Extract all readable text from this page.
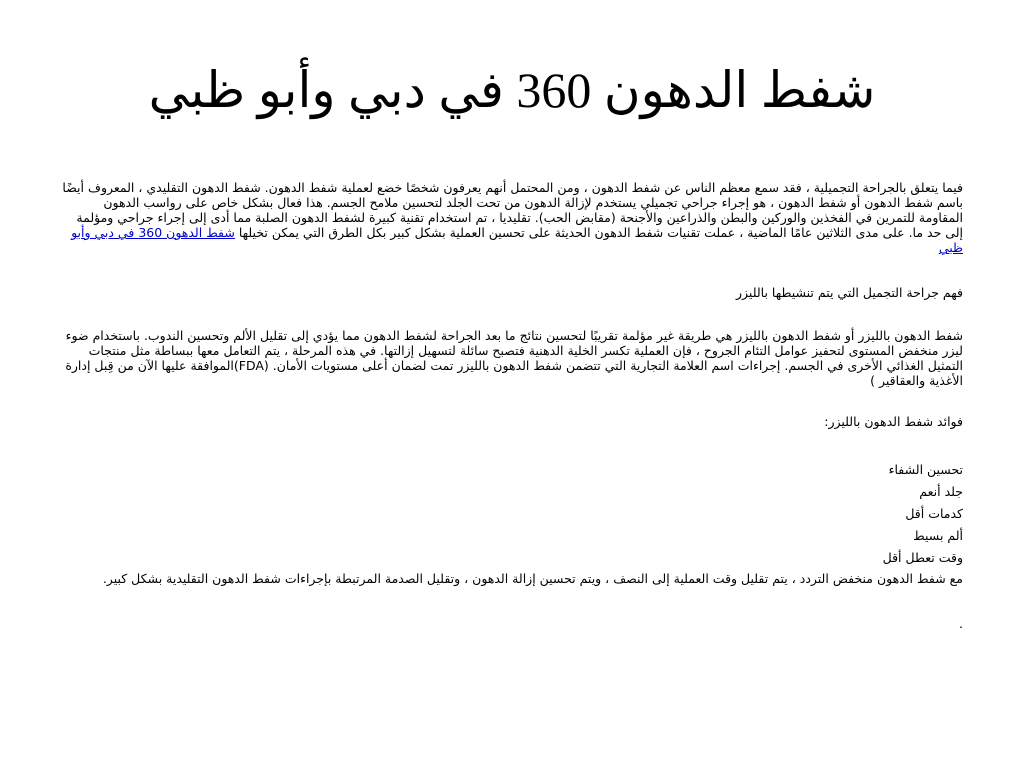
شفط الدهون 360 في دبي وأبو ظبي

فيما يتعلق بالجراحة التجميلية ، فقد سمع معظم الناس عن شفط الدهون ، ومن المحتمل أنهم يعرفون شخصًا خضع لعملية شفط الدهون. شفط الدهون التقليدي ، المعروف أيضًا باسم شفط الدهون أو شفط الدهون ، هو إجراء جراحي تجميلي يستخدم لإزالة الدهون من تحت الجلد لتحسين ملامح الجسم. هذا فعال بشكل خاص على رواسب الدهون المقاومة للتمرين في الفخذين والوركين والبطن والذراعين والأجنحة (مقابض الحب). تقليديا ، تم استخدام تقنية كبيرة لشفط الدهون الصلبة مما أدى إلى إجراء جراحي ومؤلمة إلى حد ما. على مدى الثلاثين عامًا الماضية ، عملت تقنيات شفط الدهون الحديثة على تحسين العملية بشكل كبير بكل الطرق التي يمكن تخيلها شفط الدهون 360 في دبي وأبو ظبي

فهم جراحة التجميل التي يتم تنشيطها بالليزر

شفط الدهون بالليزر أو شفط الدهون بالليزر هي طريقة غير مؤلمة تقريبًا لتحسين نتائج ما بعد الجراحة لشفط الدهون مما يؤدي إلى تقليل الألم وتحسين الندوب. باستخدام ضوء ليزر منخفض المستوى لتحفيز عوامل التئام الجروح ، فإن العملية تكسر الخلية الدهنية فتصبح سائلة لتسهيل إزالتها. في هذه المرحلة ، يتم التعامل معها ببساطة مثل منتجات التمثيل الغذائي الأخرى في الجسم. إجراءات اسم العلامة التجارية التي تتضمن شفط الدهون بالليزر تمت لضمان أعلى مستويات الأمان. (FDA)الموافقة عليها الآن من قِبل إدارة الأغذية والعقاقير )

فوائد شفط الدهون بالليزر:

تحسين الشفاء

جلد أنعم

كدمات أقل

ألم بسيط

وقت تعطل أقل

مع شفط الدهون منخفض التردد ، يتم تقليل وقت العملية إلى النصف ، ويتم تحسين إزالة الدهون ، وتقليل الصدمة المرتبطة بإجراءات شفط الدهون التقليدية بشكل كبير.

.
